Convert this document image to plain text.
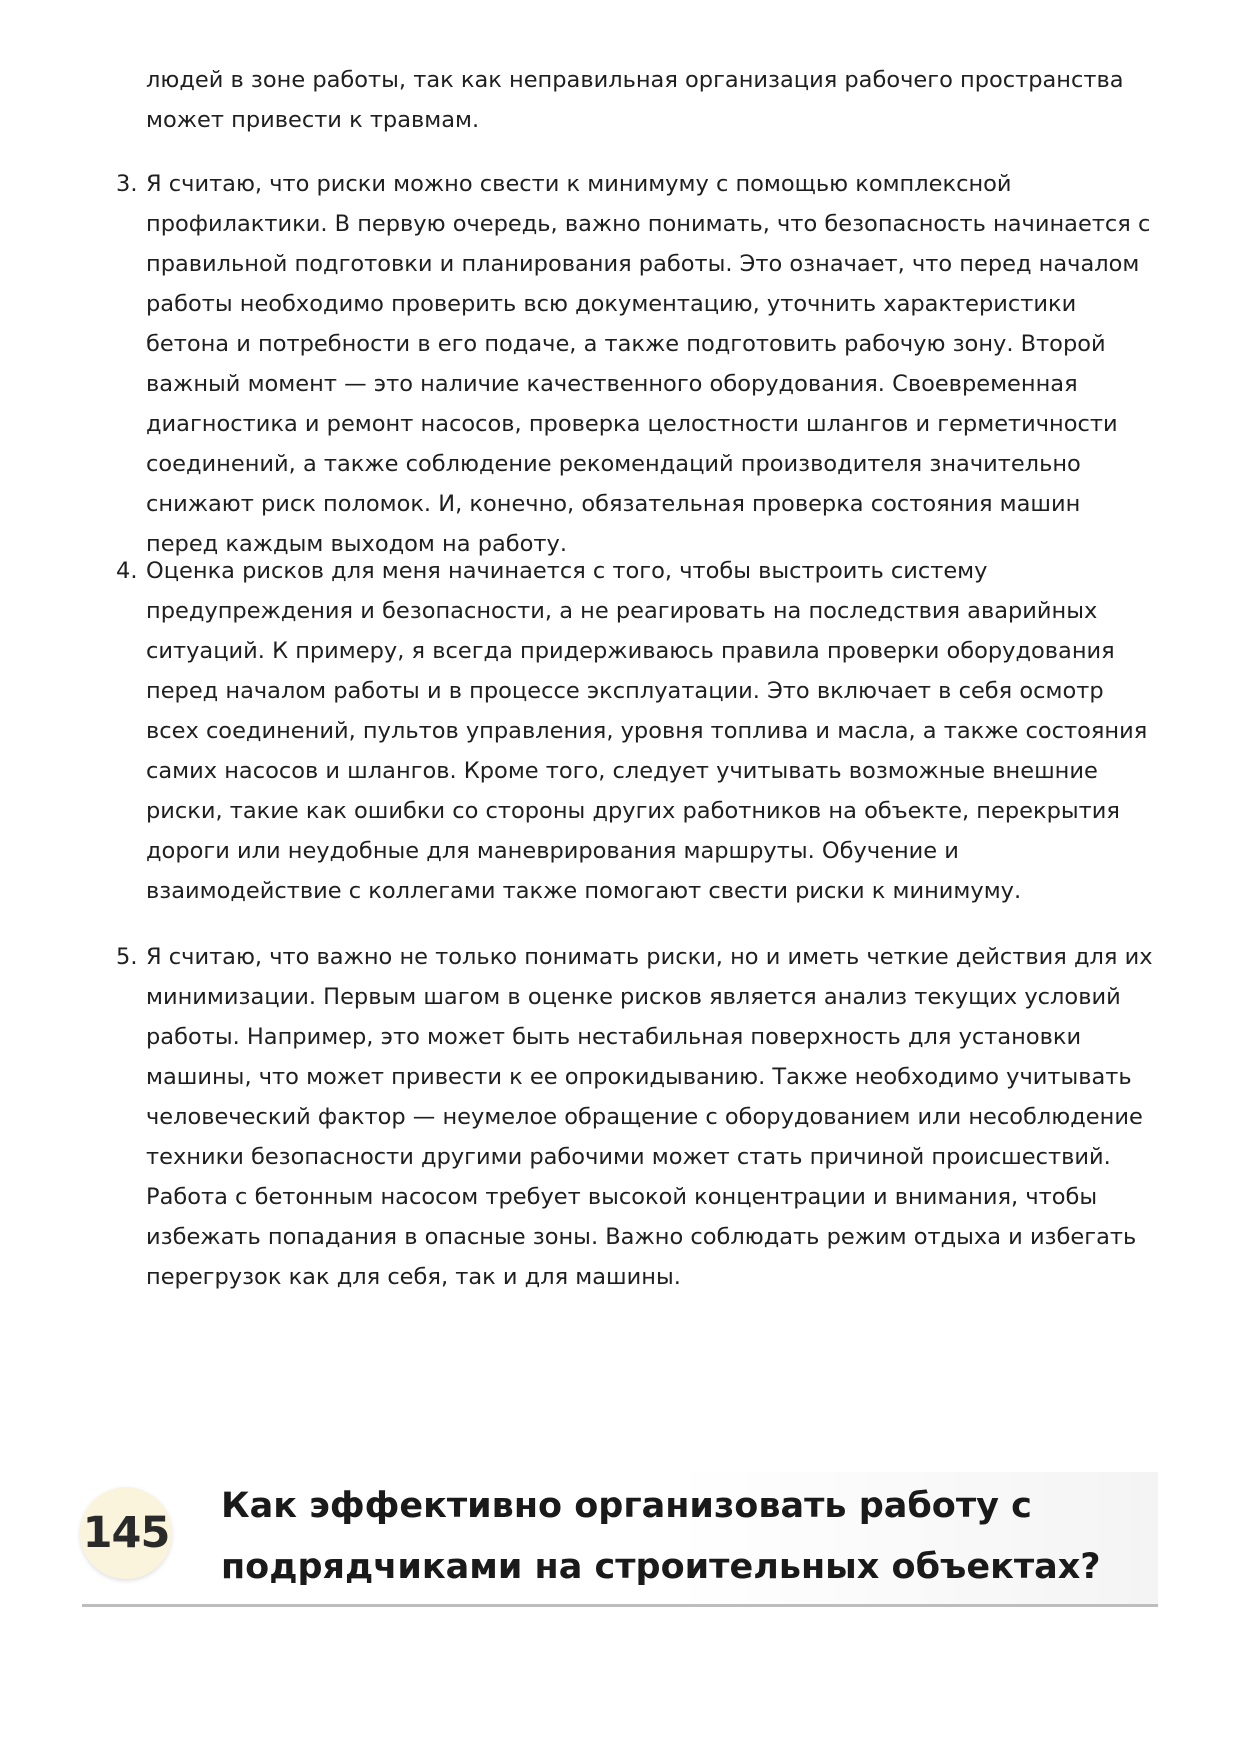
людей в зоне работы, так как неправильная организация рабочего пространства может привести к травмам.

3. Я считаю, что риски можно свести к минимуму с помощью комплексной профилактики. В первую очередь, важно понимать, что безопасность начинается с правильной подготовки и планирования работы. Это означает, что перед началом работы необходимо проверить всю документацию, уточнить характеристики бетона и потребности в его подаче, а также подготовить рабочую зону. Второй важный момент — это наличие качественного оборудования. Своевременная диагностика и ремонт насосов, проверка целостности шлангов и герметичности соединений, а также соблюдение рекомендаций производителя значительно снижают риск поломок. И, конечно, обязательная проверка состояния машин перед каждым выходом на работу.
4. Оценка рисков для меня начинается с того, чтобы выстроить систему предупреждения и безопасности, а не реагировать на последствия аварийных ситуаций. К примеру, я всегда придерживаюсь правила проверки оборудования перед началом работы и в процессе эксплуатации. Это включает в себя осмотр всех соединений, пультов управления, уровня топлива и масла, а также состояния самих насосов и шлангов. Кроме того, следует учитывать возможные внешние риски, такие как ошибки со стороны других работников на объекте, перекрытия дороги или неудобные для маневрирования маршруты. Обучение и взаимодействие с коллегами также помогают свести риски к минимуму.
5. Я считаю, что важно не только понимать риски, но и иметь четкие действия для их минимизации. Первым шагом в оценке рисков является анализ текущих условий работы. Например, это может быть нестабильная поверхность для установки машины, что может привести к ее опрокидыванию. Также необходимо учитывать человеческий фактор — неумелое обращение с оборудованием или несоблюдение техники безопасности другими рабочими может стать причиной происшествий. Работа с бетонным насосом требует высокой концентрации и внимания, чтобы избежать попадания в опасные зоны. Важно соблюдать режим отдыха и избегать перегрузок как для себя, так и для машины.
145
Как эффективно организовать работу с подрядчиками на строительных объектах?
